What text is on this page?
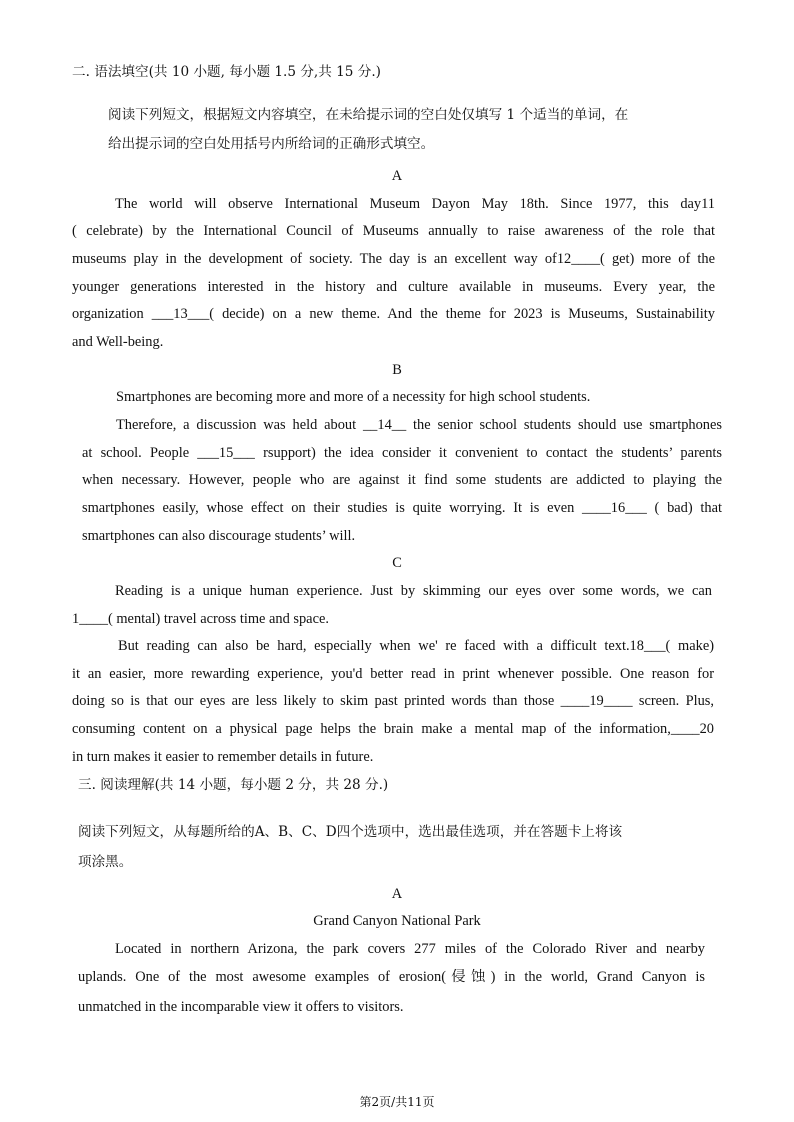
二. 语法填空(共 10 小题, 每小题 1.5 分,共 15 分.)
阅读下列短文，根据短文内容填空，在未给提示词的空白处仅填写 1 个适当的单词，在
给出提示词的空白处用括号内所给词的正确形式填空。
A
The world will observe International Museum Dayon May 18th. Since 1977, this day11
( celebrate) by the International Council of Museums annually to raise awareness of the role that
museums play in the development of society. The day is an excellent way of12____( get) more of the
younger generations interested in the history and culture available in museums. Every year, the
organization ___13___( decide) on a new theme. And the theme for 2023 is Museums, Sustainability
and Well-being.
B
Smartphones are becoming more and more of a necessity for high school students.
Therefore, a discussion was held about __14__ the senior school students should use smartphones
at school. People ___15___ rsupport) the idea consider it convenient to contact the students’ parents
when necessary. However, people who are against it find some students are addicted to playing the
smartphones easily, whose effect on their studies is quite worrying. It is even ____16___ ( bad) that
smartphones can also discourage students’ will.
C
Reading is a unique human experience. Just by skimming our eyes over some words, we can
1____( mental) travel across time and space.
But reading can also be hard, especially when we' re faced with a difficult text.18___( make)
it an easier, more rewarding experience, you'd better read in print whenever possible. One reason for
doing so is that our eyes are less likely to skim past printed words than those ____19____ screen. Plus,
consuming content on a physical page helps the brain make a mental map of the information,____20
in turn makes it easier to remember details in future.
三. 阅读理解(共 14 小题，每小题 2 分，共 28 分.)
阅读下列短文，从每题所给的A、B、C、D四个选项中，选出最佳选项，并在答题卡上将该
项涂黑。
A
Grand Canyon National Park
Located in northern Arizona, the park covers 277 miles of the Colorado River and nearby
uplands. One of the most awesome examples of erosion(侵蚀) in the world, Grand Canyon is
unmatched in the incomparable view it offers to visitors.
第2页/共11页
